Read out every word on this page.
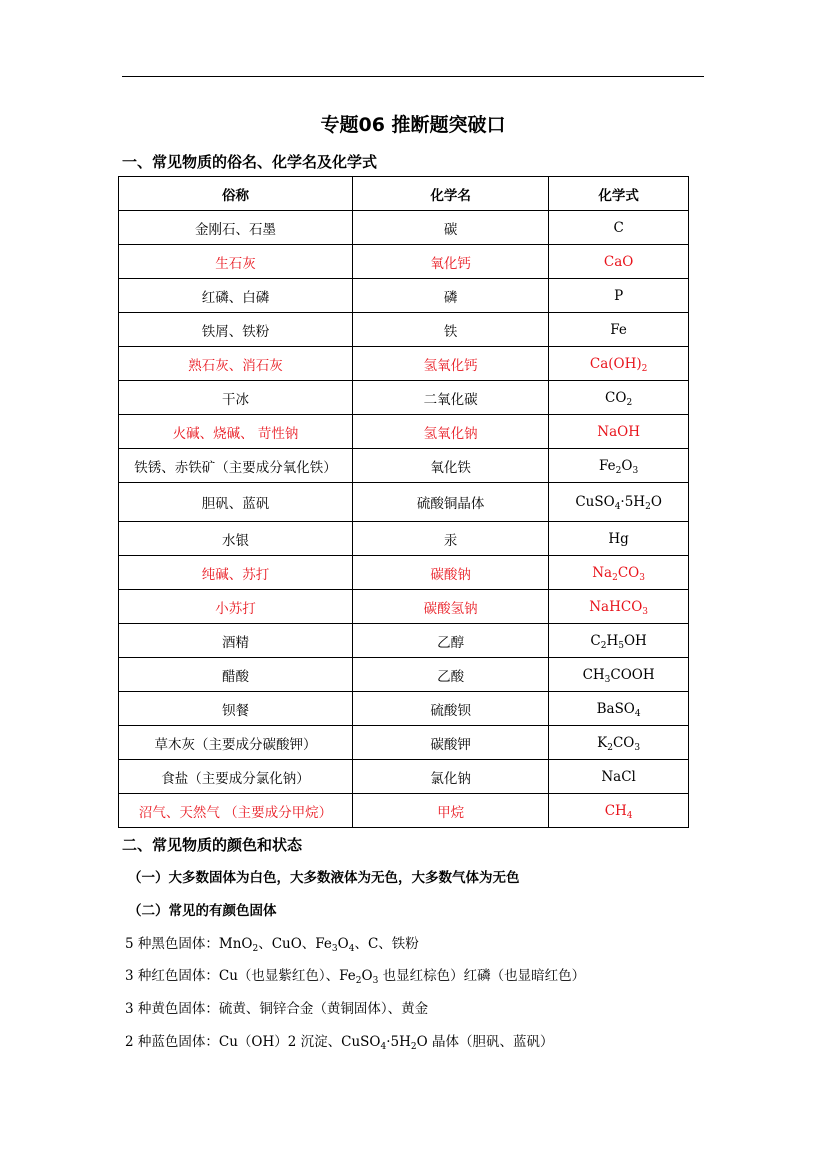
专题06 推断题突破口
一、常见物质的俗名、化学名及化学式
俗称	化学名	化学式
金刚石、石墨	碳	C
生石灰	氧化钙	CaO
红磷、白磷	磷	P
铁屑、铁粉	铁	Fe
熟石灰、消石灰	氢氧化钙	$Ca(OH)_2$
干冰	二氧化碳	$CO_2$
火碱、烧碱、 苛性钠	氢氧化钠	NaOH
铁锈、赤铁矿（主要成分氧化铁）	氧化铁	$Fe_2O_3$
胆矾、蓝矾	硫酸铜晶体	$CuSO_4\cdot 5H_2O$
水银	汞	Hg
纯碱、苏打	碳酸钠	$Na_2CO_3$
小苏打	碳酸氢钠	NaHCO$_3$
酒精	乙醇	$C_2H_5OH$
醋酸	乙酸	$CH_3COOH$
钡餐	硫酸钡	BaSO$_4$
草木灰（主要成分碳酸钾）	碳酸钾	$K_2CO_3$
食盐（主要成分氯化钠）	氯化钠	NaCl
沼气、天然气 （主要成分甲烷）	甲烷	$CH_4$
二、常见物质的颜色和状态
（一）大多数固体为白色，大多数液体为无色，大多数气体为无色
（二）常见的有颜色固体
5 种黑色固体：MnO$_2$、CuO、$Fe_3O_4$、C、铁粉
3 种红色固体：Cu（也显紫红色）、$Fe_2O_3$ 也显红棕色）红磷（也显暗红色）
3 种黄色固体：硫黄、铜锌合金（黄铜固体）、黄金
2 种蓝色固体：Cu（OH）2 沉淀、$CuSO_4\cdot 5H_2O$ 晶体（胆矾、蓝矾）
